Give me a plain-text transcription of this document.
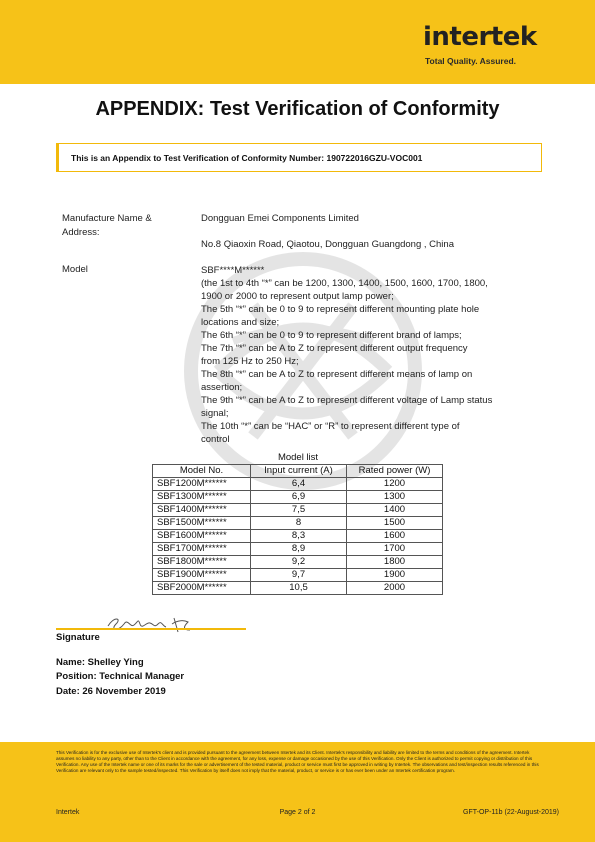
intertek
Total Quality. Assured.
APPENDIX: Test Verification of Conformity
This is an Appendix to Test Verification of Conformity Number: 190722016GZU-VOC001
Manufacture Name &
Address:
Dongguan Emei Components Limited
No.8 Qiaoxin Road, Qiaotou, Dongguan Guangdong , China
Model	SBF****M******
(the 1st to 4th “*” can be 1200, 1300, 1400, 1500, 1600, 1700, 1800,
1900 or 2000 to represent output lamp power;
The 5th “*” can be 0 to 9 to represent different mounting plate hole
locations and size;
The 6th “*” can be 0 to 9 to represent different brand of lamps;
The 7th “*” can be A to Z to represent different output frequency
from 125 Hz to 250 Hz;
The 8th “*” can be A to Z to represent different means of lamp on
assertion;
The 9th “*” can be A to Z to represent different voltage of Lamp status
signal;
The 10th “*” can be “HAC” or “R” to represent different type of
control
Model list
Model No.	Input current (A)	Rated power (W)
SBF1200M******	6,4	1200
SBF1300M******	6,9	1300
SBF1400M******	7,5	1400
SBF1500M******	8	1500
SBF1600M******	8,3	1600
SBF1700M******	8,9	1700
SBF1800M******	9,2	1800
SBF1900M******	9,7	1900
SBF2000M******	10,5	2000
Signature
Name: Shelley Ying
Position: Technical Manager
Date: 26 November 2019
This Verification is for the exclusive use of Intertek's client and is provided pursuant to the agreement between Intertek and its Client. Intertek's responsibility and liability are limited to the terms and conditions of the agreement. Intertek assumes no liability to any party, other than to the Client in accordance with the agreement, for any loss, expense or damage occasioned by the use of this Verification. Only the Client is authorized to permit copying or distribution of this Verification. Any use of the Intertek name or one of its marks for the sale or advertisement of the tested material, product or service must first be approved in writing by Intertek. The observations and test/inspection results referenced in this Verification are relevant only to the sample tested/inspected. This Verification by itself does not imply that the material, product, or service is or has ever been under an Intertek certification program.
Intertek	Page 2 of 2	GFT-OP-11b (22-August-2019)
